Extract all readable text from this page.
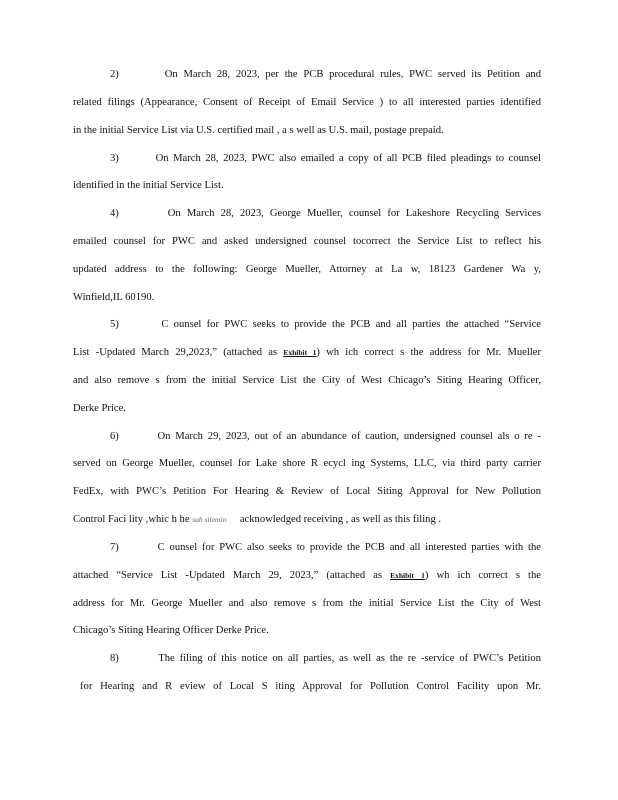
2)	On March 28, 2023, per the PCB procedural rules, PWC served its Petition and
related filings (Appearance, Consent of Receipt of Email Service ) to all interested parties identified
in the initial Service List via U.S. certified mail , a s well as U.S. mail, postage prepaid.
3)	On March 28, 2023, PWC also emailed a copy of all PCB filed pleadings to counsel
identified in the initial Service List.
4)	On March 28, 2023, George Mueller, counsel for Lakeshore Recycling Services
emailed counsel for PWC and asked undersigned counsel tocorrect the Service List to reflect his
updated address to the following: George Mueller, Attorney at La w, 18123 Gardener Wa y,
Winfield,IL 60190.
5)	C ounsel for PWC seeks to provide the PCB and all parties the attached “Service
List -Updated March 29,2023,” (attached as Exhibit 1) wh ich correct s the address for Mr. Mueller
and also remove s from the initial Service List the City of West Chicago’s Siting Hearing Officer,
Derke Price.
6)	On March 29, 2023, out of an abundance of caution, undersigned counsel als o re -
served on George Mueller, counsel for Lake shore R ecycl ing Systems, LLC, via third party carrier
FedEx, with PWC’s Petition For Hearing & Review of Local Siting Approval for New Pollution
Control Faci lity ,whic h he sub silentio acknowledged receiving , as well as this filing .
7)	C ounsel for PWC also seeks to provide the PCB and all interested parties with the
attached “Service List -Updated March 29, 2023,” (attached as Exhibit 1) wh ich correct s the
address for Mr. George Mueller and also remove s from the initial Service List the City of West
Chicago’s Siting Hearing Officer Derke Price.
8)	The filing of this notice on all parties, as well as the re -service of PWC’s Petition
for Hearing and R eview of Local S iting Approval for Pollution Control Facility upon Mr.
